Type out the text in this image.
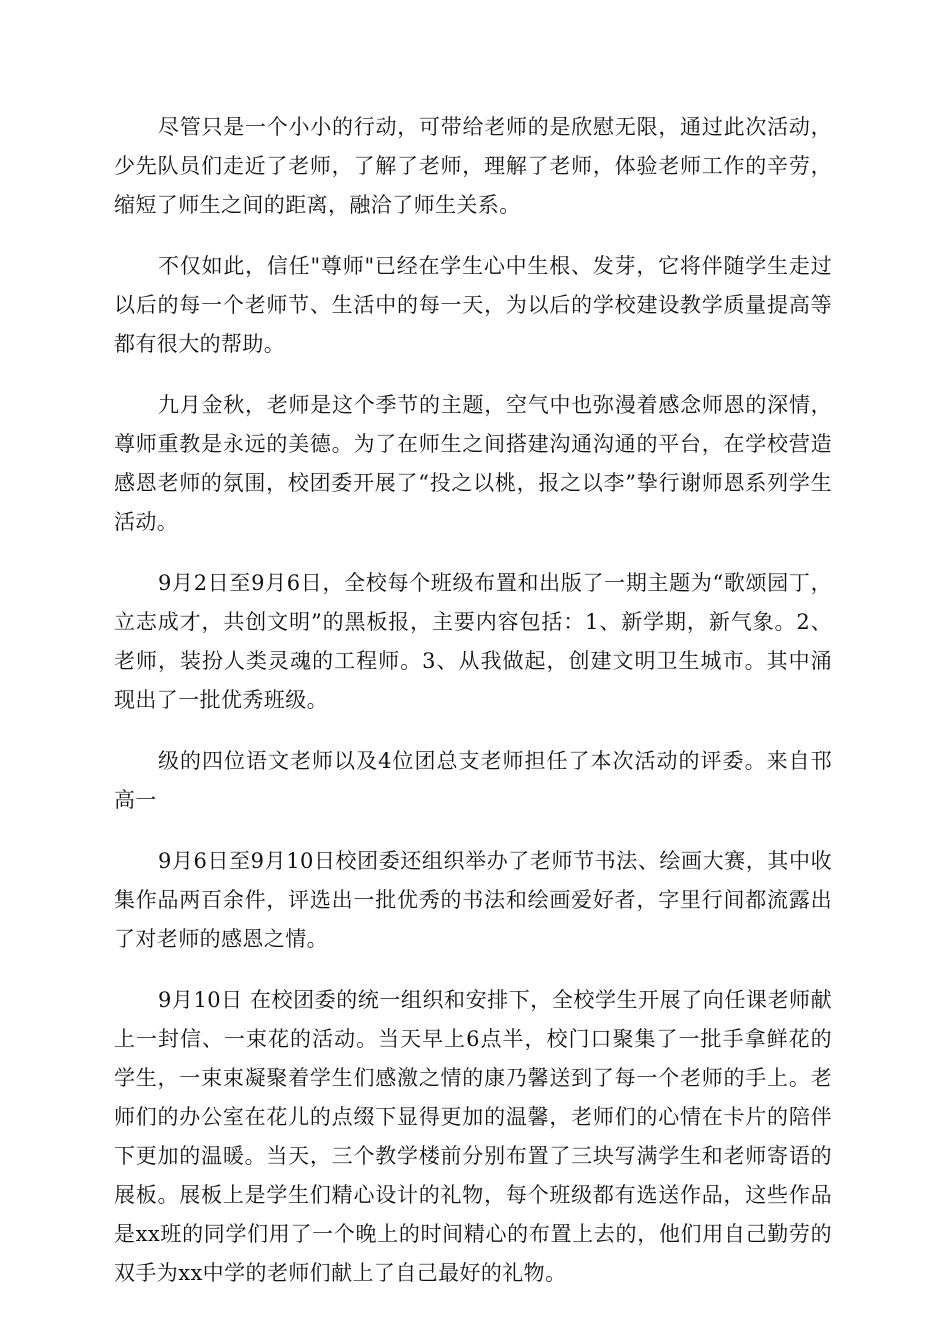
尽管只是一个小小的行动，可带给老师的是欣慰无限，通过此次活动，少先队员们走近了老师，了解了老师，理解了老师，体验老师工作的辛劳，缩短了师生之间的距离，融洽了师生关系。

不仅如此，信任"尊师"已经在学生心中生根、发芽，它将伴随学生走过以后的每一个老师节、生活中的每一天，为以后的学校建设教学质量提高等都有很大的帮助。

九月金秋，老师是这个季节的主题，空气中也弥漫着感念师恩的深情，尊师重教是永远的美德。为了在师生之间搭建沟通沟通的平台，在学校营造感恩老师的氛围，校团委开展了“投之以桃，报之以李”挚行谢师恩系列学生活动。

9月2日至9月6日，全校每个班级布置和出版了一期主题为“歌颂园丁，立志成才，共创文明”的黑板报，主要内容包括：1、新学期，新气象。2、老师，装扮人类灵魂的工程师。3、从我做起，创建文明卫生城市。其中涌现出了一批优秀班级。

级的四位语文老师以及4位团总支老师担任了本次活动的评委。来自邗高一

9月6日至9月10日校团委还组织举办了老师节书法、绘画大赛，其中收集作品两百余件，评选出一批优秀的书法和绘画爱好者，字里行间都流露出了对老师的感恩之情。

9月10日 在校团委的统一组织和安排下，全校学生开展了向任课老师献上一封信、一束花的活动。当天早上6点半，校门口聚集了一批手拿鲜花的学生，一束束凝聚着学生们感激之情的康乃馨送到了每一个老师的手上。老师们的办公室在花儿的点缀下显得更加的温馨，老师们的心情在卡片的陪伴下更加的温暖。当天，三个教学楼前分别布置了三块写满学生和老师寄语的展板。展板上是学生们精心设计的礼物，每个班级都有选送作品，这些作品是xx班的同学们用了一个晚上的时间精心的布置上去的，他们用自己勤劳的双手为xx中学的老师们献上了自己最好的礼物。
